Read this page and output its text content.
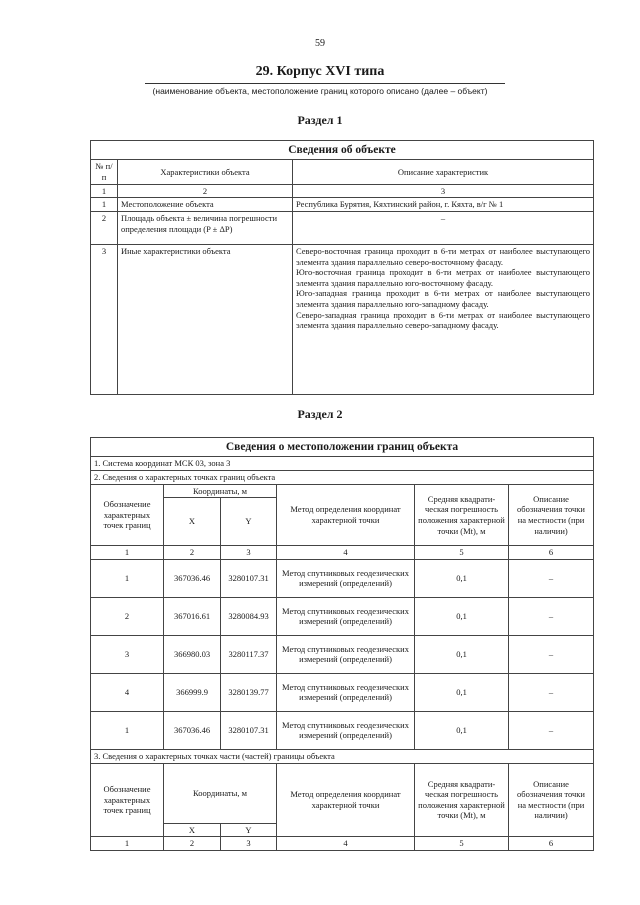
59
29. Корпус XVI типа
(наименование объекта, местоположение границ которого описано (далее – объект)
Раздел 1
Сведения об объекте		
№ п/п	Характеристики объекта	Описание характеристик
1	2	3
1	Местоположение объекта	Республика Бурятия, Кяхтинский район, г. Кяхта, в/г № 1
2	Площадь объекта ± величина погрешности определения площади (P ± ΔP)	–
3	Иные характеристики объекта	Северо-восточная граница проходит в 6-ти метрах от наиболее выступающего элемента здания параллельно северо-восточному фасаду.

Юго-восточная граница проходит в 6-ти метрах от наиболее выступающего элемента здания параллельно юго-восточному фасаду.

Юго-западная граница проходит в 6-ти метрах от наиболее выступающего элемента здания параллельно юго-западному фасаду.

Северо-западная граница проходит в 6-ти метрах от наиболее выступающего элемента здания параллельно северо-западному фасаду.

Раздел 2
Сведения о местоположении границ объекта					
1. Система координат МСК 03, зона 3					
2. Сведения о характерных точках границ объекта					
Обозначение характерных точек границ	Координаты, м		Метод определения координат характерной точки	Средняя квадрати-ческая погрешность положения характерной точки (Mt), м	Описание обозначения точки на местности (при наличии)
	X	Y			
1	2	3	4	5	6
1	367036.46	3280107.31	Метод спутниковых геодезических измерений (определений)	0,1	–
2	367016.61	3280084.93	Метод спутниковых геодезических измерений (определений)	0,1	–
3	366980.03	3280117.37	Метод спутниковых геодезических измерений (определений)	0,1	–
4	366999.9	3280139.77	Метод спутниковых геодезических измерений (определений)	0,1	–
1	367036.46	3280107.31	Метод спутниковых геодезических измерений (определений)	0,1	–
3. Сведения о характерных точках части (частей) границы объекта					
Обозначение характерных точек границ	Координаты, м		Метод определения координат характерной точки	Средняя квадрати-ческая погрешность положения характерной точки (Mt), м	Описание обозначения точки на местности (при наличии)
	X	Y			
1	2	3	4	5	6
